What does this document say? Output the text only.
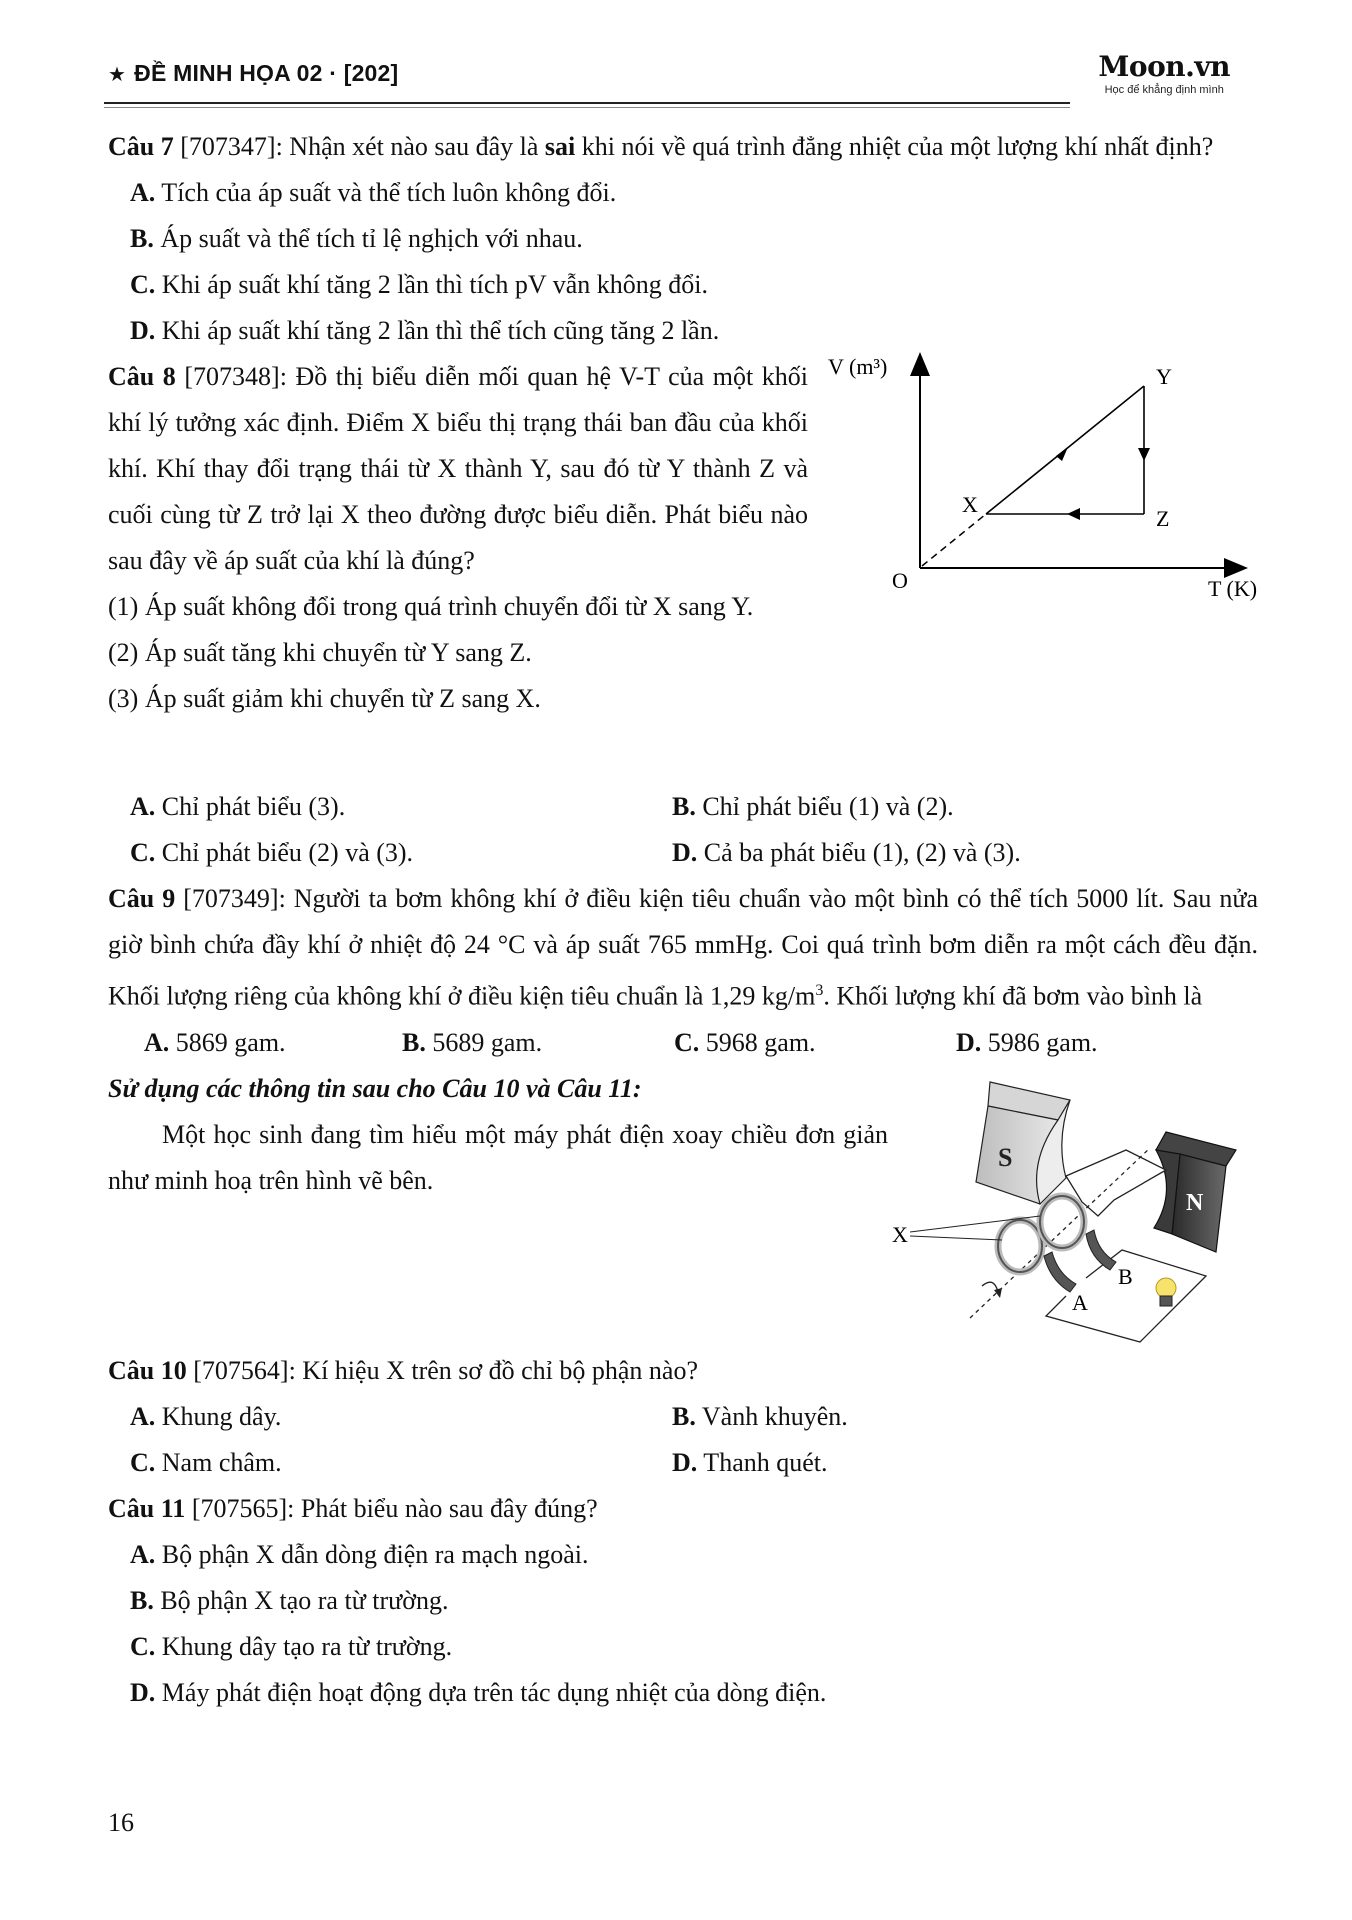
★ ĐỀ MINH HỌA 02 · [202]	Moon.vn
Học để khẳng định mình

Câu 7 [707347]: Nhận xét nào sau đây là sai khi nói về quá trình đẳng nhiệt của một lượng khí nhất định?

A. Tích của áp suất và thể tích luôn không đổi.

B. Áp suất và thể tích tỉ lệ nghịch với nhau.

C. Khi áp suất khí tăng 2 lần thì tích pV vẫn không đổi.

D. Khi áp suất khí tăng 2 lần thì thể tích cũng tăng 2 lần.

Câu 8 [707348]: Đồ thị biểu diễn mối quan hệ V-T của một khối khí lý tưởng xác định. Điểm X biểu thị trạng thái ban đầu của khối khí. Khí thay đổi trạng thái từ X thành Y, sau đó từ Y thành Z và cuối cùng từ Z trở lại X theo đường được biểu diễn. Phát biểu nào sau đây về áp suất của khí là đúng?

(1) Áp suất không đổi trong quá trình chuyển đổi từ X sang Y.

(2) Áp suất tăng khi chuyển từ Y sang Z.

(3) Áp suất giảm khi chuyển từ Z sang X.

V (m³)
T (K)
O
X
Y
Z
A. Chỉ phát biểu (3).	B. Chỉ phát biểu (1) và (2).
C. Chỉ phát biểu (2) và (3).	D. Cả ba phát biểu (1), (2) và (3).

Câu 9 [707349]: Người ta bơm không khí ở điều kiện tiêu chuẩn vào một bình có thể tích 5000 lít. Sau nửa giờ bình chứa đầy khí ở nhiệt độ 24 °C và áp suất 765 mmHg. Coi quá trình bơm diễn ra một cách đều đặn. Khối lượng riêng của không khí ở điều kiện tiêu chuẩn là 1,29 $kg/m^3$. Khối lượng khí đã bơm vào bình là

A. 5869 gam.	B. 5689 gam.	C. 5968 gam.	D. 5986 gam.

Sử dụng các thông tin sau cho Câu 10 và Câu 11:

Một học sinh đang tìm hiểu một máy phát điện xoay chiều đơn giản như minh hoạ trên hình vẽ bên.

S
N
X
A
B

Câu 10 [707564]: Kí hiệu X trên sơ đồ chỉ bộ phận nào?

A. Khung dây.	B. Vành khuyên.
C. Nam châm.	D. Thanh quét.

Câu 11 [707565]: Phát biểu nào sau đây đúng?

A. Bộ phận X dẫn dòng điện ra mạch ngoài.

B. Bộ phận X tạo ra từ trường.

C. Khung dây tạo ra từ trường.

D. Máy phát điện hoạt động dựa trên tác dụng nhiệt của dòng điện.

16
